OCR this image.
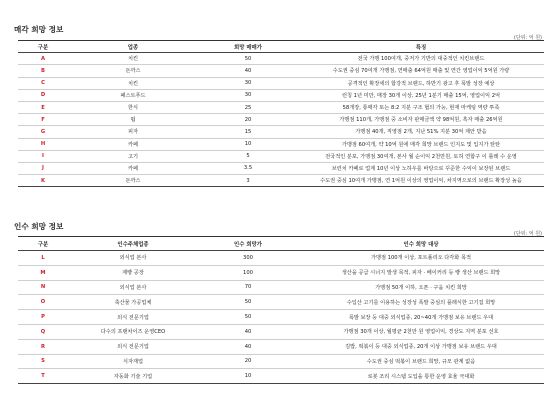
매각 희망 정보
(단위: 억 원)
구분	업종	희망 매매가	특징
A	치킨	50	전국 가맹 100여개, 중저가 기반의 대중적인 치킨브랜드
B	돈까스	40	수도권 중심 70여개 가맹점, 연매출 64억원 매출 및 연간 영업이익 5억원 가량
C	치킨	30	공격적인 확장세의 합강적 브랜드, 하반기 광고 후 폭발 성장 예상
D	패스트푸드	30	런칭 1년 미만, 매장 30개 이상, 25년 1분기 매출 15억, 영업이익 2억
E	한식	25	58개장, 통매각 또는 8:2 지분 구조 협의 가능, 현재 마케팅 역량 투족
F	펍	20	가맹점 110개, 가맹점 중 소비자 판매금액 약 98억원, 흑자 매출 26억원
G	피자	15	가맹점 40개, 직영점 2개, 지난 51% 지분 30억 제안 받음
H	카페	10	가맹점 60여개, 약 10억 원에 매각 희망 브랜드 인지도 및 입지가 탄탄
I	고기	5	전국적인 분포, 가맹점 30여개, 본사 월 순이익 2천만원, 토허 연합구 이 틀레 수 운영
J	카페	3.5	브런치 카페로 업계 10년 이상 노하우를 바탕으로 꾸준한 수익이 보장된 브랜드
K	돈까스	3	수도권 중심 10여개 가맹점, 연 1억원 이상의 영업이익, 차지역으로의 브랜드 확장성 높음
인수 희망 정보
(단위: 억 원)
구분	인수주체업종	인수 희망가	인수 희망 대상
L	외식업 본사	300	가맹점 100개 이상, 포트폴리오 다각화 목적
M	제빵 공장	100	생산을 공급 시너지 발생 목적, 피자 · 베이커리 등 빵 생산 브랜드 희망
N	외식업 본사	70	가맹점 50개 이하, 오픈 · 구움 치킨 희망
O	축산물 가공업체	50	수입산 고기를 이용하는 성장성 폭발 중심의 플래식한 고기집 희망
P	외식 전문기업	50	폭발 보장 등 대중 외식업종, 20~40개 가맹점 보유 브랜드 우대
Q	다수의 프랜차이즈 운영CEO	40	가맹점 30개 이상, 월평균 2천만 원 영업이익, 경상도 지역 분포 선호
R	외식 전문기업	40	김밥, 떡볶이 등 대중 외식업종, 20개 이상 가맹점 보유 브랜드 우대
S	식자재업	20	수도권 중심 떡볶이 브랜드 희망, 규모 관계 없음
T	자동화 기술 기업	10	로봇 조리 시스템 도입을 통한 운영 효율 극대화
